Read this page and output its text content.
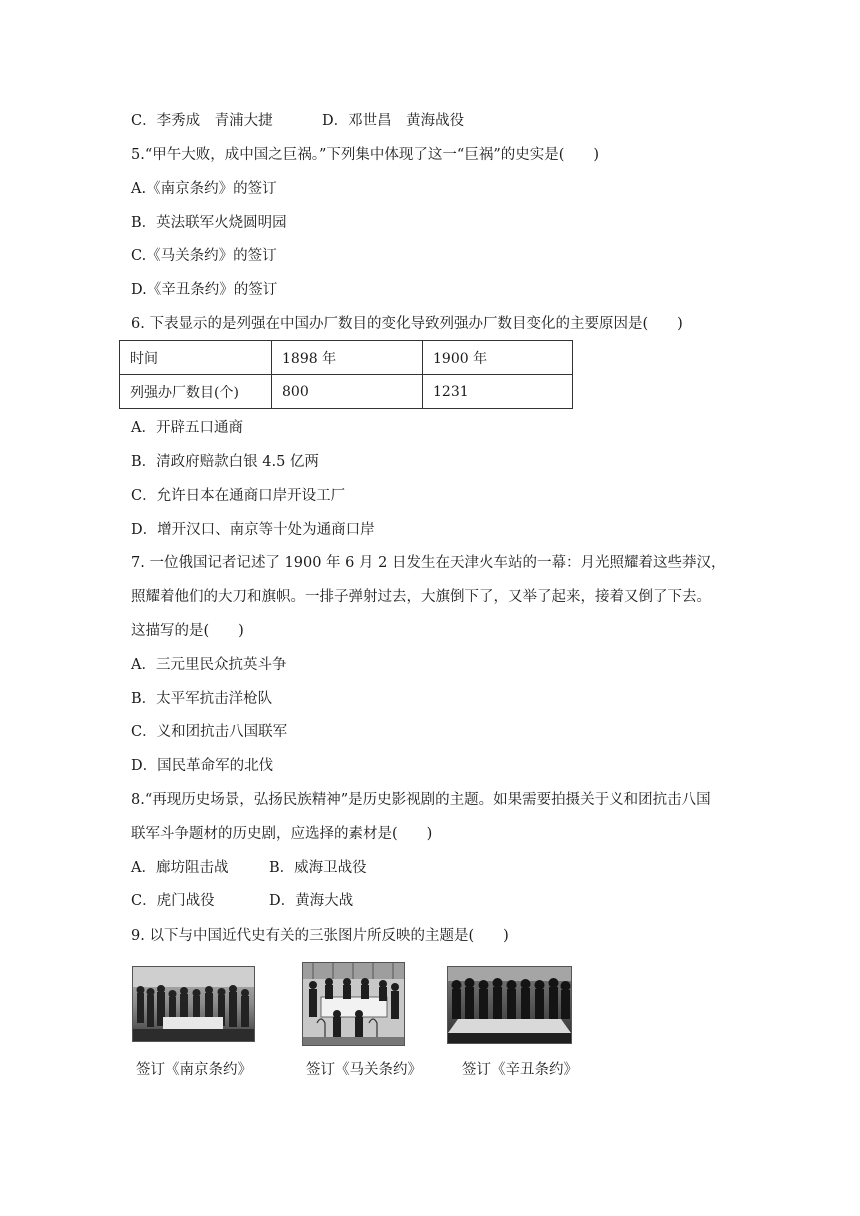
C．李秀成　青浦大捷	D．邓世昌　黄海战役
5.“甲午大败，成中国之巨祸。”下列集中体现了这一“巨祸”的史实是(　　)
A.《南京条约》的签订
B．英法联军火烧圆明园
C.《马关条约》的签订
D.《辛丑条约》的签订
6. 下表显示的是列强在中国办厂数目的变化导致列强办厂数目变化的主要原因是(　　)
时间	1898 年	1900 年
列强办厂数目(个)	800	1231
A．开辟五口通商
B．清政府赔款白银 4.5 亿两
C．允许日本在通商口岸开设工厂
D．增开汉口、南京等十处为通商口岸
7. 一位俄国记者记述了 1900 年 6 月 2 日发生在天津火车站的一幕：月光照耀着这些莽汉，
照耀着他们的大刀和旗帜。一排子弹射过去，大旗倒下了，又举了起来，接着又倒了下去。
这描写的是(　　)
A．三元里民众抗英斗争
B．太平军抗击洋枪队
C．义和团抗击八国联军
D．国民革命军的北伐
8.“再现历史场景，弘扬民族精神”是历史影视剧的主题。如果需要拍摄关于义和团抗击八国
联军斗争题材的历史剧，应选择的素材是(　　)
A．廊坊阻击战	B．威海卫战役
C．虎门战役	D．黄海大战
9. 以下与中国近代史有关的三张图片所反映的主题是(　　)
签订《南京条约》	签订《马关条约》	签订《辛丑条约》
